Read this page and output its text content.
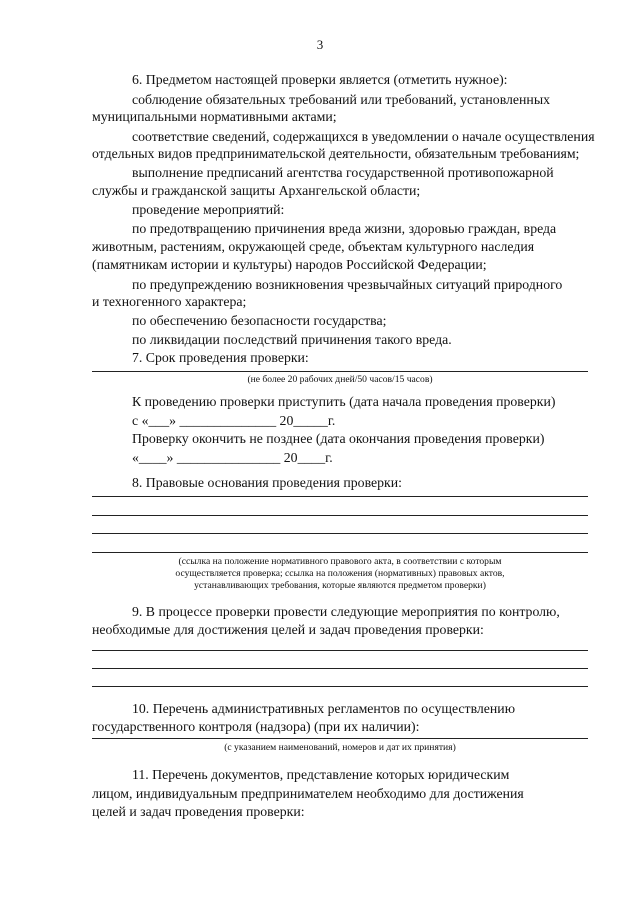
3
6. Предметом настоящей проверки является (отметить нужное):
соблюдение обязательных требований или требований, установленных
муниципальными нормативными актами;
соответствие сведений, содержащихся в уведомлении о начале осуществления
отдельных видов предпринимательской деятельности, обязательным требованиям;
выполнение предписаний агентства государственной противопожарной
службы и гражданской защиты Архангельской области;
проведение мероприятий:
по предотвращению причинения вреда жизни, здоровью граждан, вреда
животным, растениям, окружающей среде, объектам культурного наследия
(памятникам истории и культуры) народов Российской Федерации;
по предупреждению возникновения чрезвычайных ситуаций природного
и техногенного характера;
по обеспечению безопасности государства;
по ликвидации последствий причинения такого вреда.
7. Срок проведения проверки:
(не более 20 рабочих дней/50 часов/15 часов)
К проведению проверки приступить (дата начала проведения проверки)
с «___» ______________ 20_____г.
Проверку окончить не позднее (дата окончания проведения проверки)
«____» _______________ 20____г.
8. Правовые основания проведения проверки:
(ссылка на положение нормативного правового акта, в соответствии с которым
осуществляется проверка; ссылка на положения (нормативных) правовых актов,
устанавливающих требования, которые являются предметом проверки)
9. В процессе проверки провести следующие мероприятия по контролю,
необходимые для достижения целей и задач проведения проверки:
10. Перечень административных регламентов по осуществлению
государственного контроля (надзора) (при их наличии):
(с указанием наименований, номеров и дат их принятия)
11. Перечень документов, представление которых юридическим
лицом, индивидуальным предпринимателем необходимо для достижения
целей и задач проведения проверки:
